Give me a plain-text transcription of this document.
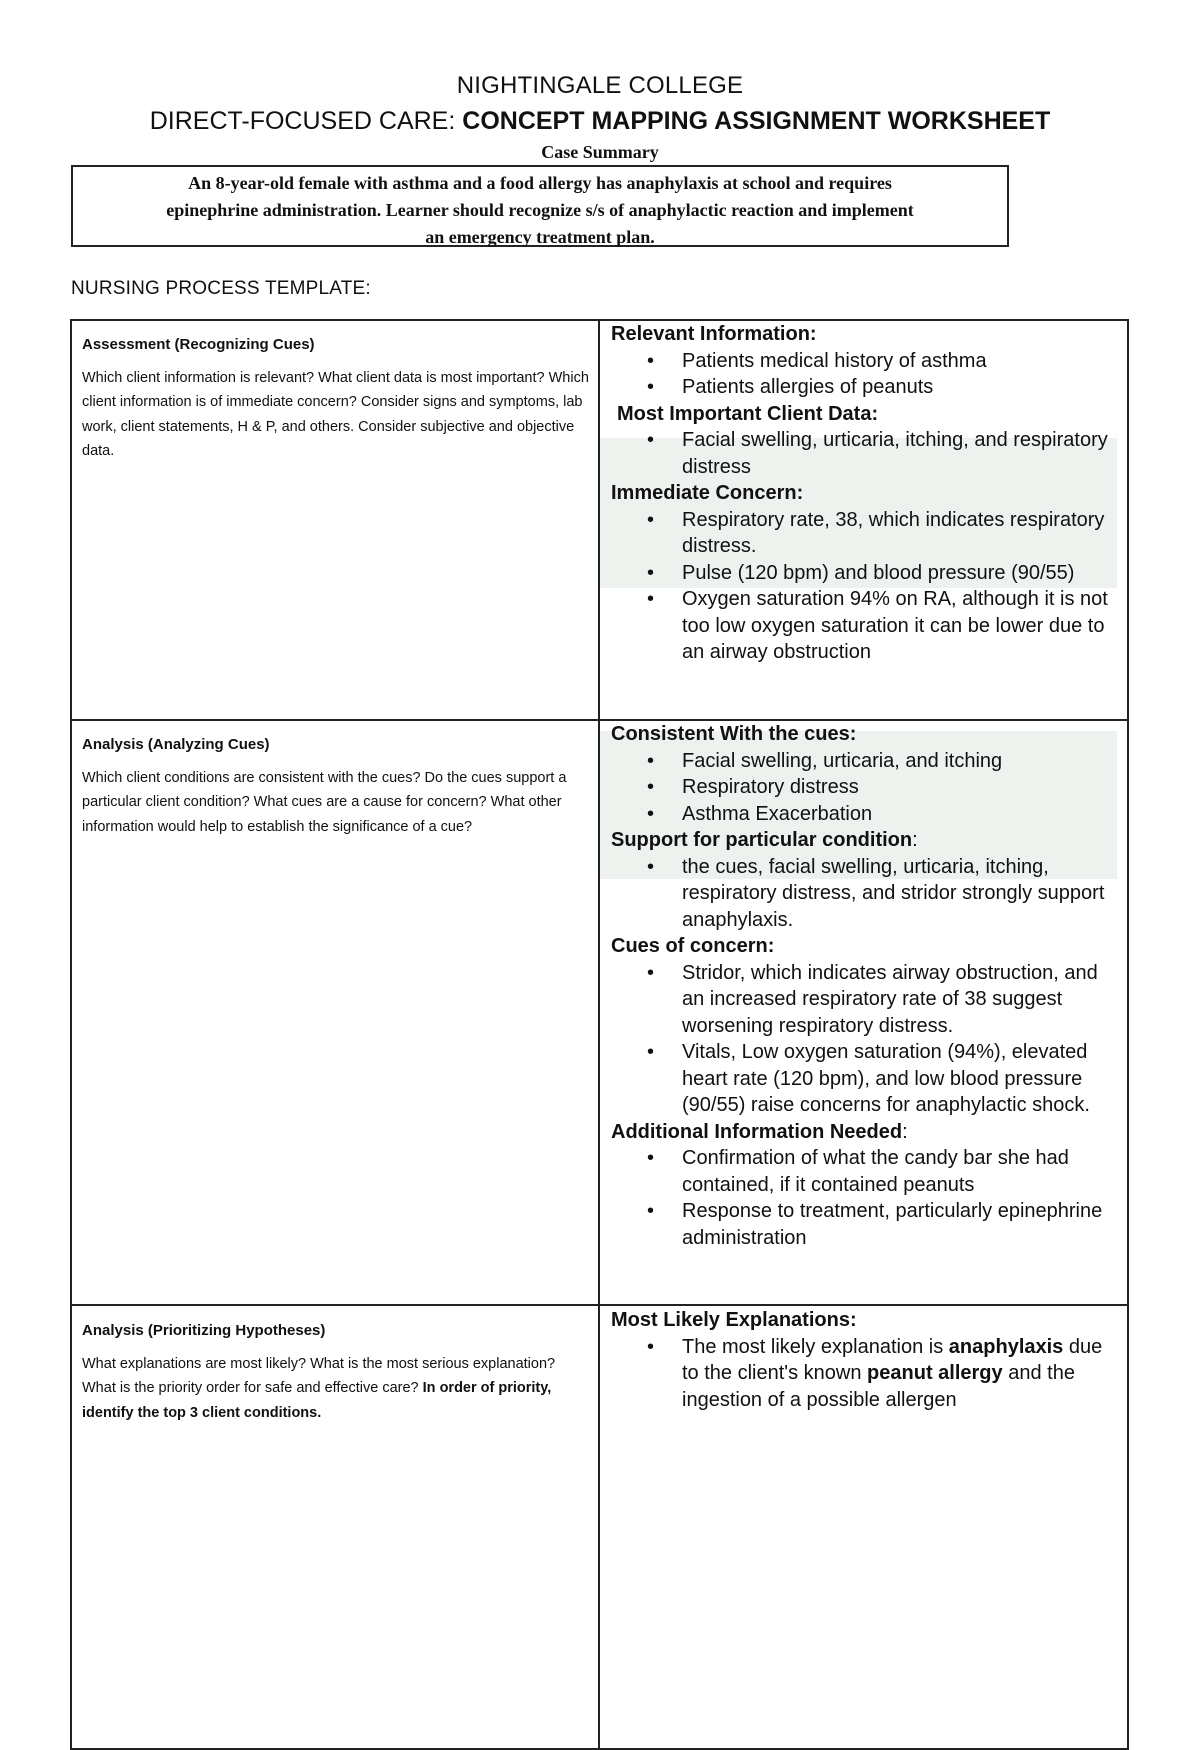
NIGHTINGALE COLLEGE
DIRECT-FOCUSED CARE: CONCEPT MAPPING ASSIGNMENT WORKSHEET
Case Summary
An 8-year-old female with asthma and a food allergy has anaphylaxis at school and requires
epinephrine administration. Learner should recognize s/s of anaphylactic reaction and implement
an emergency treatment plan.
NURSING PROCESS TEMPLATE:
Assessment (Recognizing Cues)
Which client information is relevant? What client data is most important? Which client information is of immediate concern? Consider signs and symptoms, lab work, client statements, H & P, and others. Consider subjective and objective data.
Relevant Information:
• Patients medical history of asthma
• Patients allergies of peanuts
Most Important Client Data:
• Facial swelling, urticaria, itching, and respiratory distress
Immediate Concern:
• Respiratory rate, 38, which indicates respiratory distress.
• Pulse (120 bpm) and blood pressure (90/55)
• Oxygen saturation 94% on RA, although it is not too low oxygen saturation it can be lower due to an airway obstruction
Analysis (Analyzing Cues)
Which client conditions are consistent with the cues? Do the cues support a particular client condition? What cues are a cause for concern? What other information would help to establish the significance of a cue?
Consistent With the cues:
• Facial swelling, urticaria, and itching
• Respiratory distress
• Asthma Exacerbation
Support for particular condition:
• the cues, facial swelling, urticaria, itching, respiratory distress, and stridor strongly support anaphylaxis.
Cues of concern:
• Stridor, which indicates airway obstruction, and an increased respiratory rate of 38 suggest worsening respiratory distress.
• Vitals, Low oxygen saturation (94%), elevated heart rate (120 bpm), and low blood pressure (90/55) raise concerns for anaphylactic shock.
Additional Information Needed:
• Confirmation of what the candy bar she had contained, if it contained peanuts
• Response to treatment, particularly epinephrine administration
Analysis (Prioritizing Hypotheses)
What explanations are most likely? What is the most serious explanation? What is the priority order for safe and effective care? In order of priority, identify the top 3 client conditions.
Most Likely Explanations:
• The most likely explanation is anaphylaxis due to the client's known peanut allergy and the ingestion of a possible allergen
